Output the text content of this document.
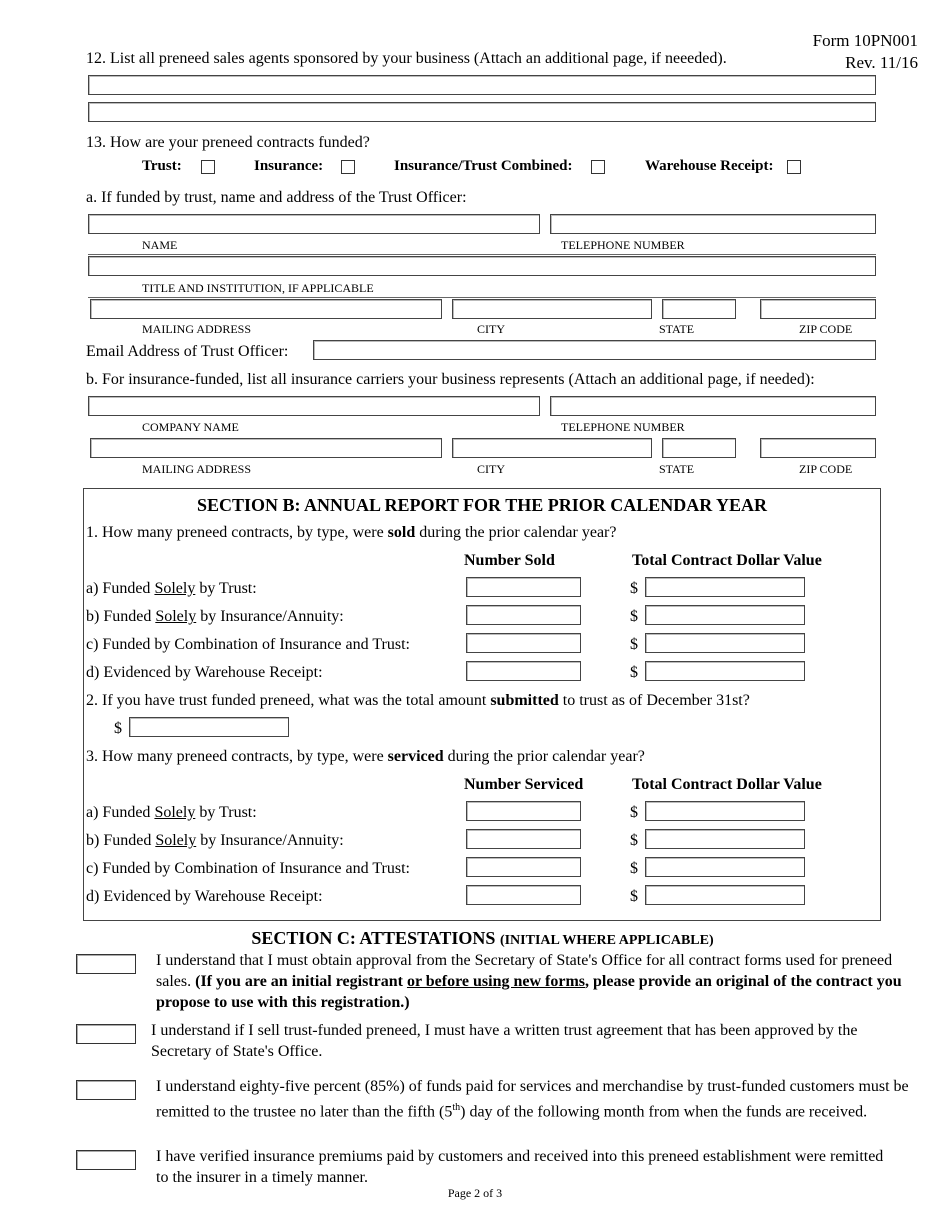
Form 10PN001
Rev. 11/16
12. List all preneed sales agents sponsored by your business (Attach an additional page, if neeeded).
13. How are your preneed contracts funded?
Trust:	Insurance:	Insurance/Trust Combined:	Warehouse Receipt:
a. If funded by trust, name and address of the Trust Officer:
NAME	TELEPHONE NUMBER
TITLE AND INSTITUTION, IF APPLICABLE
MAILING ADDRESS	CITY	STATE	ZIP CODE
Email Address of Trust Officer:
b. For insurance-funded, list all insurance carriers your business represents (Attach an additional page, if needed):
COMPANY NAME	TELEPHONE NUMBER
MAILING ADDRESS	CITY	STATE	ZIP CODE
SECTION B: ANNUAL REPORT FOR THE PRIOR CALENDAR YEAR
1. How many preneed contracts, by type, were sold during the prior calendar year?
Number Sold	Total Contract Dollar Value
a) Funded Solely by Trust:	$
b) Funded Solely by Insurance/Annuity:	$
c) Funded by Combination of Insurance and Trust:	$
d) Evidenced by Warehouse Receipt:	$
2. If you have trust funded preneed, what was the total amount submitted to trust as of December 31st?
$
3. How many preneed contracts, by type, were serviced during the prior calendar year?
Number Serviced	Total Contract Dollar Value
a) Funded Solely by Trust:	$
b) Funded Solely by Insurance/Annuity:	$
c) Funded by Combination of Insurance and Trust:	$
d) Evidenced by Warehouse Receipt:	$
SECTION C: ATTESTATIONS (INITIAL WHERE APPLICABLE)
I understand that I must obtain approval from the Secretary of State's Office for all contract forms used for preneed sales. (If you are an initial registrant or before using new forms, please provide an original of the contract you propose to use with this registration.)
I understand if I sell trust-funded preneed, I must have a written trust agreement that has been approved by the Secretary of State's Office.
I understand eighty-five percent (85%) of funds paid for services and merchandise by trust-funded customers must be remitted to the trustee no later than the fifth (5th) day of the following month from when the funds are received.
I have verified insurance premiums paid by customers and received into this preneed establishment were remitted to the insurer in a timely manner.
Page 2 of 3
